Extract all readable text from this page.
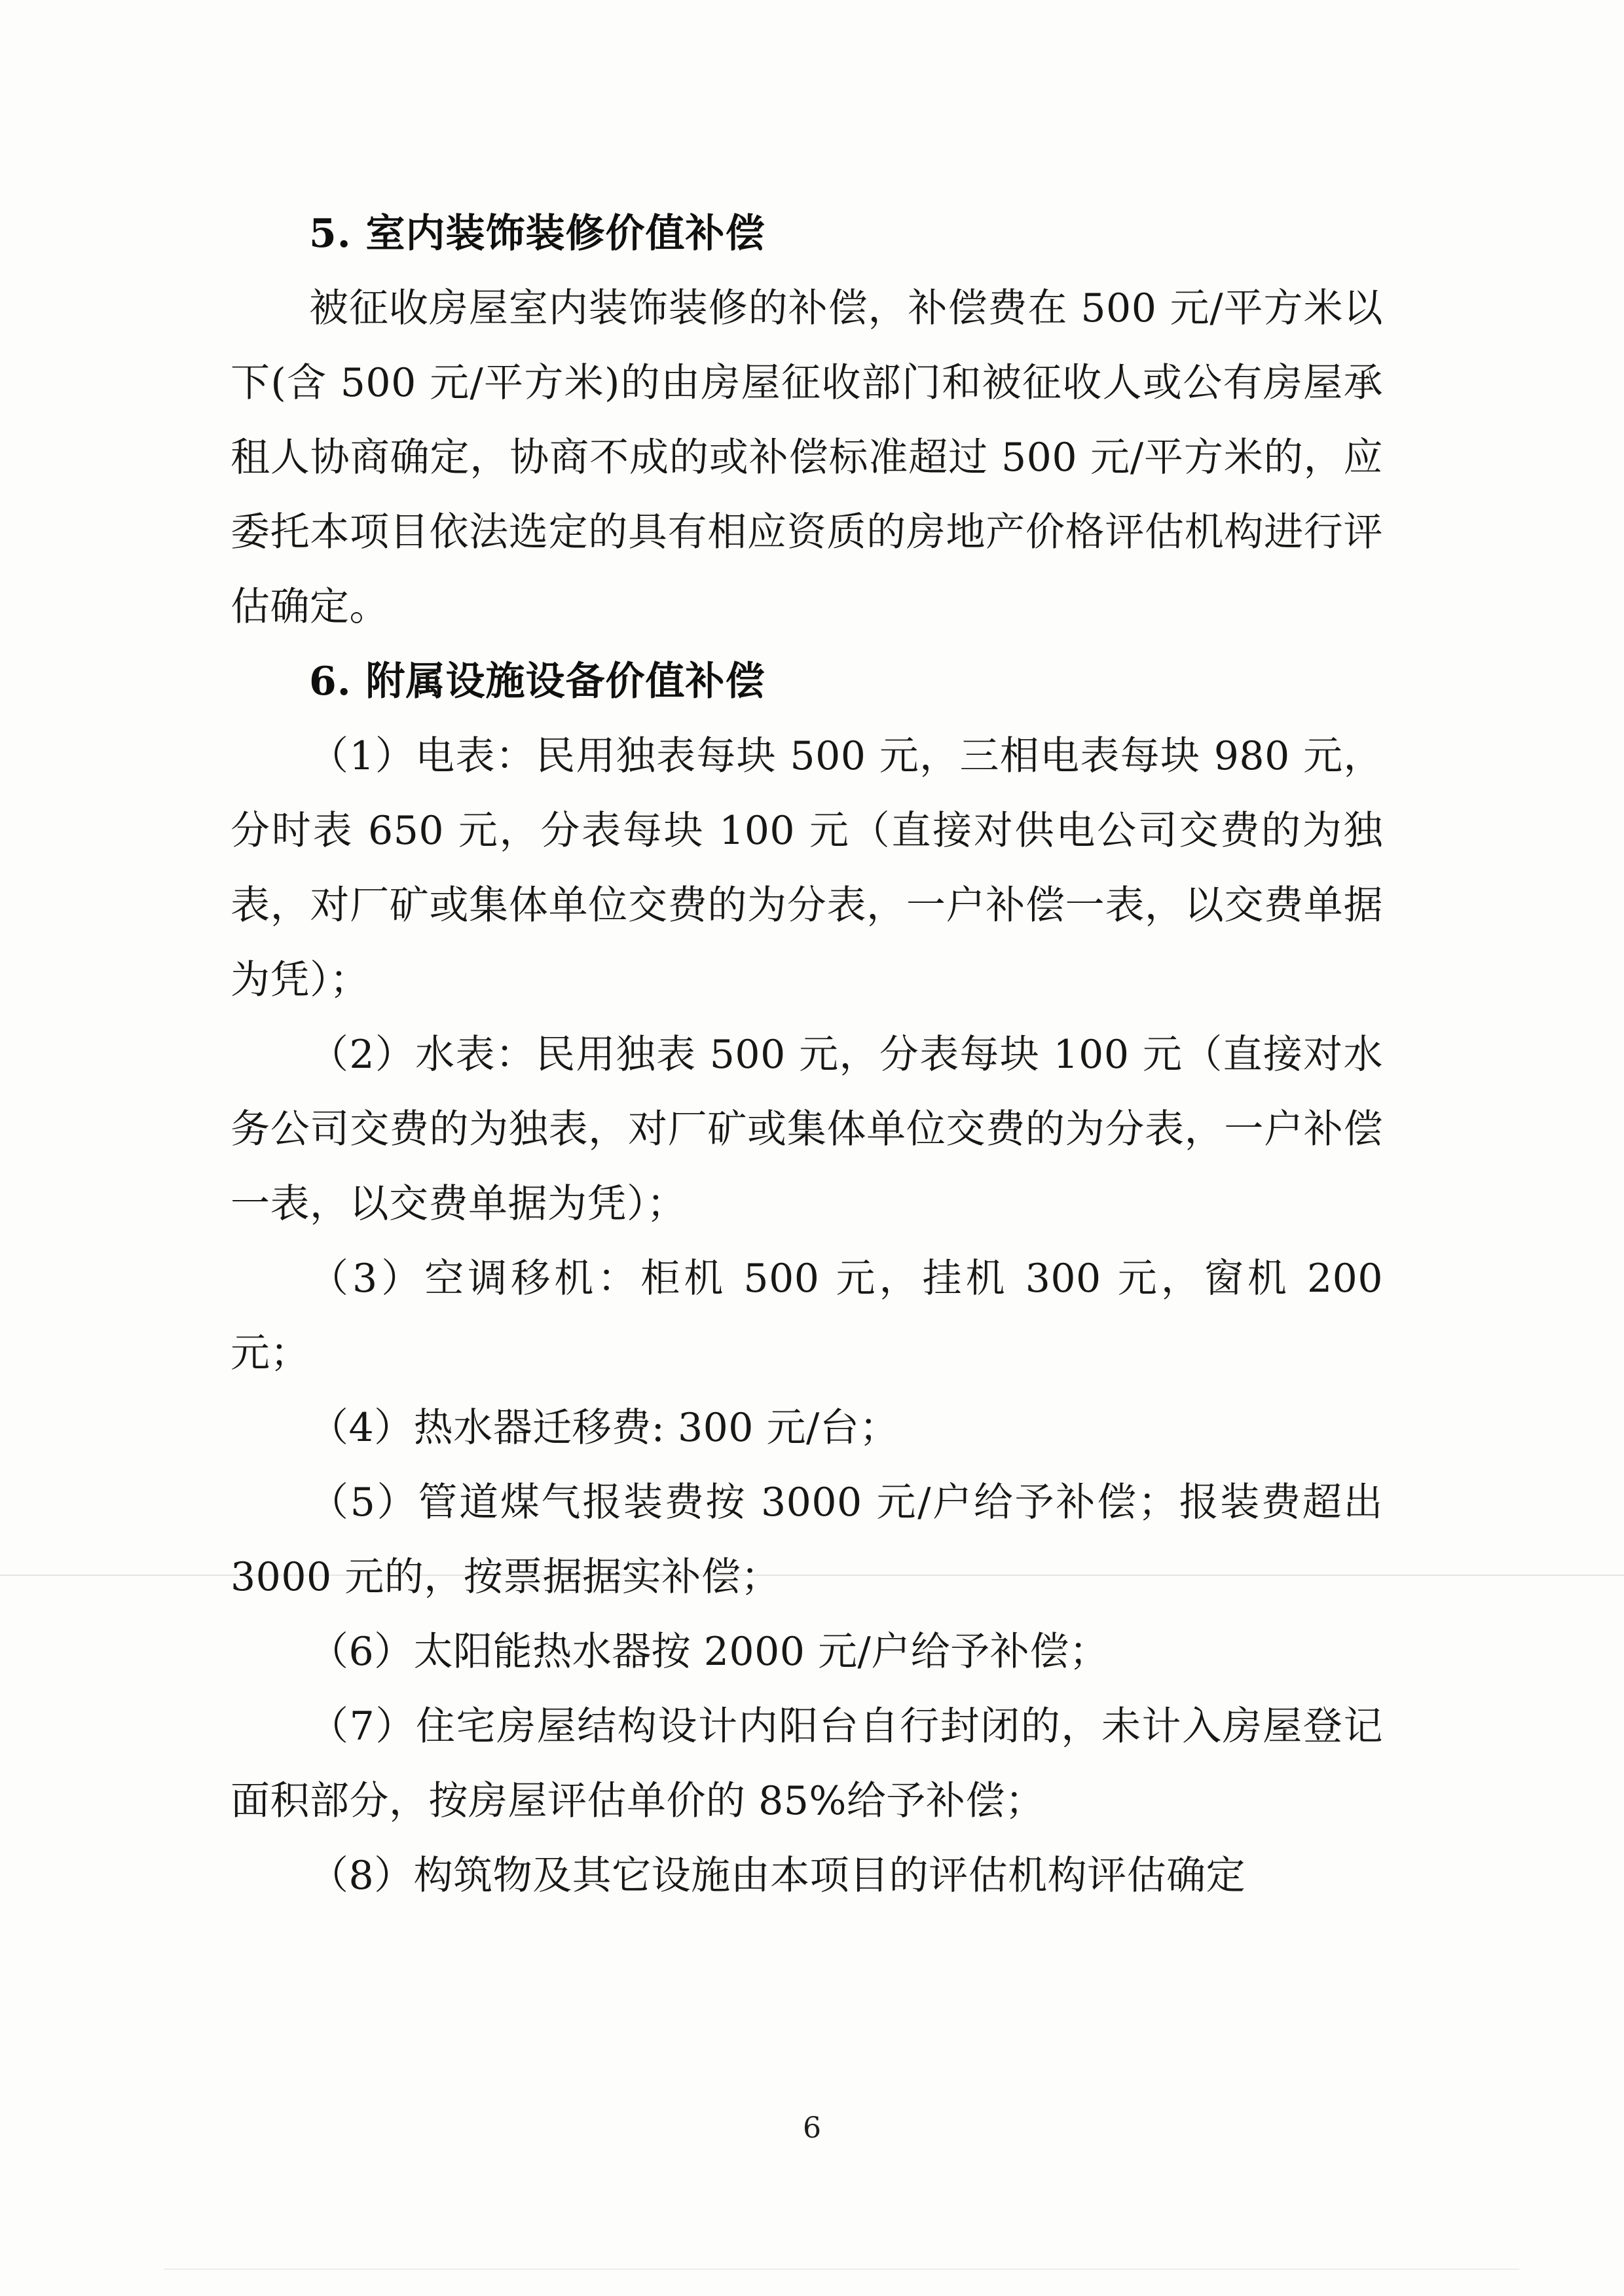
5. 室内装饰装修价值补偿

被征收房屋室内装饰装修的补偿，补偿费在 500 元/平方米以下(含 500 元/平方米)的由房屋征收部门和被征收人或公有房屋承租人协商确定，协商不成的或补偿标准超过 500 元/平方米的，应委托本项目依法选定的具有相应资质的房地产价格评估机构进行评估确定。

6. 附属设施设备价值补偿

（1）电表：民用独表每块 500 元，三相电表每块 980 元，分时表 650 元，分表每块 100 元（直接对供电公司交费的为独表，对厂矿或集体单位交费的为分表，一户补偿一表，以交费单据为凭）；

（2）水表：民用独表 500 元，分表每块 100 元（直接对水务公司交费的为独表，对厂矿或集体单位交费的为分表，一户补偿一表，以交费单据为凭）；

（3）空调移机：柜机 500 元，挂机 300 元，窗机 200 元；

（4）热水器迁移费: 300 元/台；

（5）管道煤气报装费按 3000 元/户给予补偿；报装费超出 3000 元的，按票据据实补偿；

（6）太阳能热水器按 2000 元/户给予补偿；

（7）住宅房屋结构设计内阳台自行封闭的，未计入房屋登记面积部分，按房屋评估单价的 85%给予补偿；

（8）构筑物及其它设施由本项目的评估机构评估确定

6
